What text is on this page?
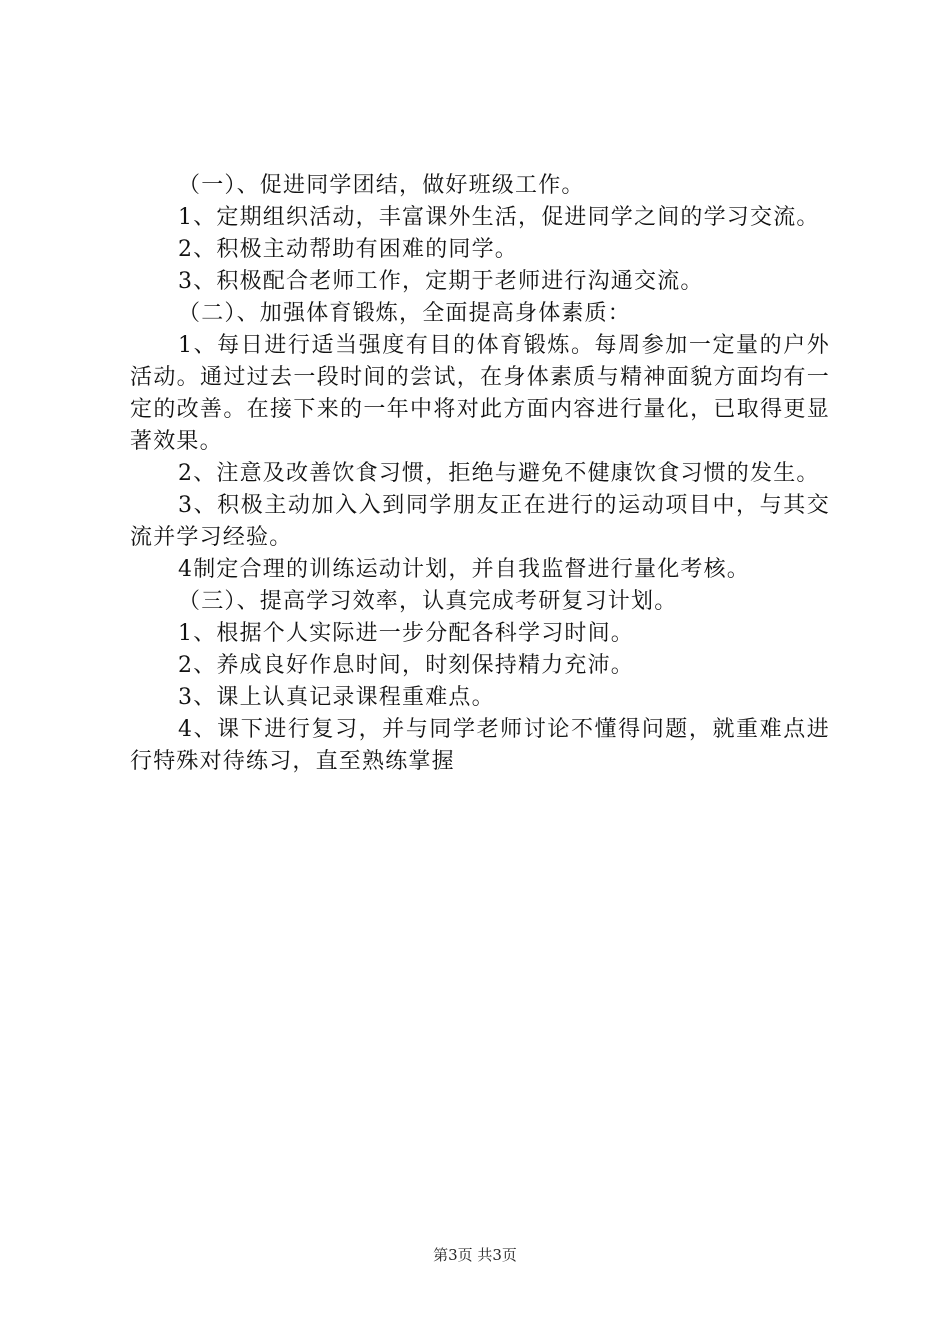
（一）、促进同学团结，做好班级工作。

1、定期组织活动，丰富课外生活，促进同学之间的学习交流。

2、积极主动帮助有困难的同学。

3、积极配合老师工作，定期于老师进行沟通交流。

（二）、加强体育锻炼，全面提高身体素质：

1、每日进行适当强度有目的体育锻炼。每周参加一定量的户外活动。通过过去一段时间的尝试，在身体素质与精神面貌方面均有一定的改善。在接下来的一年中将对此方面内容进行量化，已取得更显著效果。

2、注意及改善饮食习惯，拒绝与避免不健康饮食习惯的发生。

3、积极主动加入入到同学朋友正在进行的运动项目中，与其交流并学习经验。

4制定合理的训练运动计划，并自我监督进行量化考核。

（三）、提高学习效率，认真完成考研复习计划。

1、根据个人实际进一步分配各科学习时间。

2、养成良好作息时间，时刻保持精力充沛。

3、课上认真记录课程重难点。

4、课下进行复习，并与同学老师讨论不懂得问题，就重难点进行特殊对待练习，直至熟练掌握

第3页 共3页
